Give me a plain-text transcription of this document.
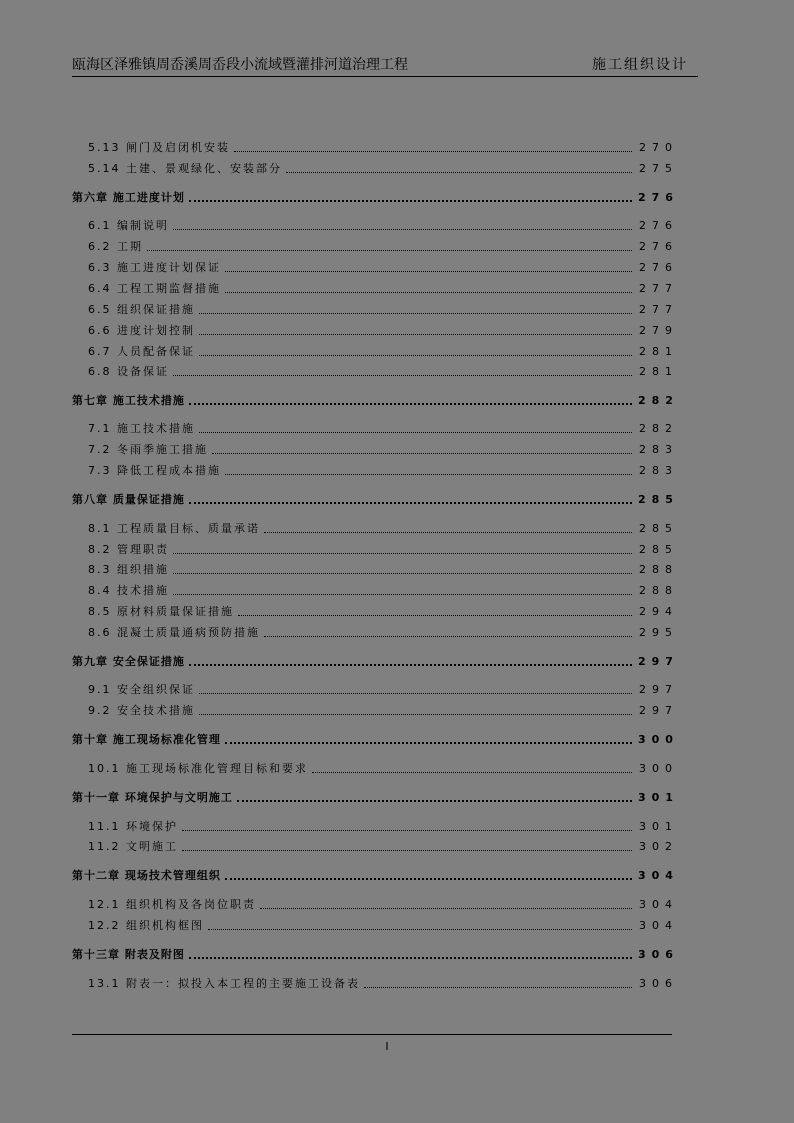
瓯海区泽雅镇周岙溪周岙段小流域暨灌排河道治理工程	施工组织设计
5.13 闸门及启闭机安装	270
5.14 土建、景观绿化、安装部分	275
第六章 施工进度计划	276
6.1 编制说明	276
6.2 工期	276
6.3 施工进度计划保证	276
6.4 工程工期监督措施	277
6.5 组织保证措施	277
6.6 进度计划控制	279
6.7 人员配备保证	281
6.8 设备保证	281
第七章 施工技术措施	282
7.1 施工技术措施	282
7.2 冬雨季施工措施	283
7.3 降低工程成本措施	283
第八章 质量保证措施	285
8.1 工程质量目标、质量承诺	285
8.2 管理职责	285
8.3 组织措施	288
8.4 技术措施	288
8.5 原材料质量保证措施	294
8.6 混凝土质量通病预防措施	295
第九章 安全保证措施	297
9.1 安全组织保证	297
9.2 安全技术措施	297
第十章 施工现场标准化管理	300
10.1 施工现场标准化管理目标和要求	300
第十一章 环境保护与文明施工	301
11.1 环境保护	301
11.2 文明施工	302
第十二章 现场技术管理组织	304
12.1 组织机构及各岗位职责	304
12.2 组织机构框图	304
第十三章 附表及附图	306
13.1 附表一：拟投入本工程的主要施工设备表	306
I
